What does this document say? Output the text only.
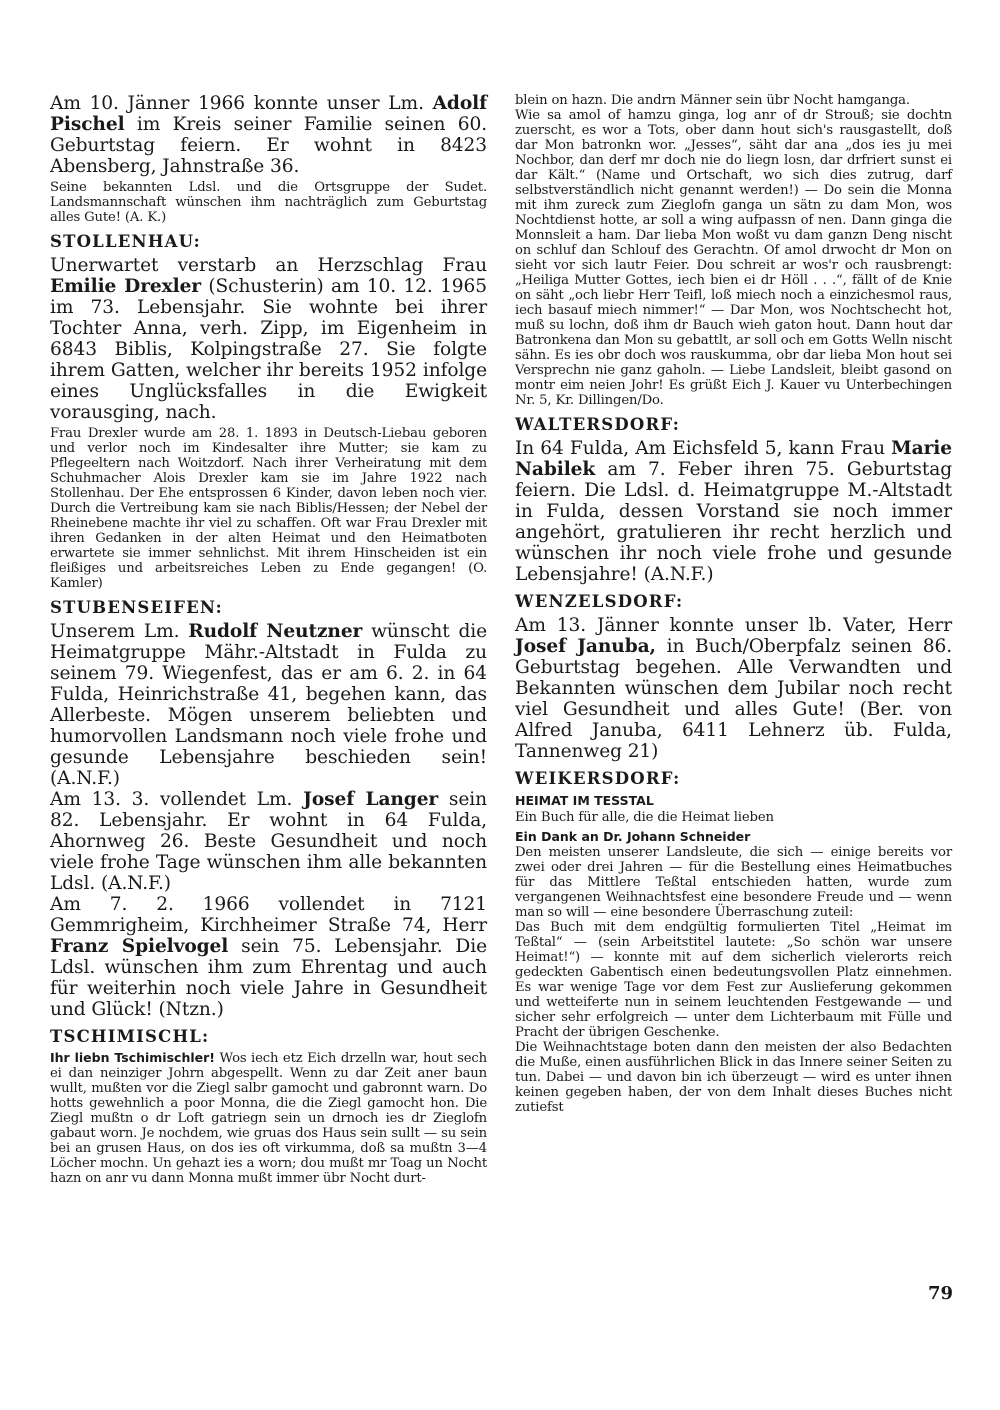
Am 10. Jänner 1966 konnte unser Lm. Adolf Pischel im Kreis seiner Familie seinen 60. Geburtstag feiern. Er wohnt in 8423 Abensberg, Jahnstraße 36.

Seine bekannten Ldsl. und die Ortsgruppe der Sudet. Landsmannschaft wünschen ihm nachträglich zum Geburtstag alles Gute! (A. K.)

STOLLENHAU:

Unerwartet verstarb an Herzschlag Frau Emilie Drexler (Schusterin) am 10. 12. 1965 im 73. Lebensjahr. Sie wohnte bei ihrer Tochter Anna, verh. Zipp, im Eigenheim in 6843 Biblis, Kolpingstraße 27. Sie folgte ihrem Gatten, welcher ihr bereits 1952 infolge eines Unglücksfalles in die Ewigkeit vorausging, nach.

Frau Drexler wurde am 28. 1. 1893 in Deutsch-Liebau geboren und verlor noch im Kindesalter ihre Mutter; sie kam zu Pflegeeltern nach Woitzdorf. Nach ihrer Verheiratung mit dem Schuhmacher Alois Drexler kam sie im Jahre 1922 nach Stollenhau. Der Ehe entsprossen 6 Kinder, davon leben noch vier. Durch die Vertreibung kam sie nach Biblis/Hessen; der Nebel der Rheinebene machte ihr viel zu schaffen. Oft war Frau Drexler mit ihren Gedanken in der alten Heimat und den Heimatboten erwartete sie immer sehnlichst. Mit ihrem Hinscheiden ist ein fleißiges und arbeitsreiches Leben zu Ende gegangen! (O. Kamler)

STUBENSEIFEN:

Unserem Lm. Rudolf Neutzner wünscht die Heimatgruppe Mähr.-Altstadt in Fulda zu seinem 79. Wiegenfest, das er am 6. 2. in 64 Fulda, Heinrichstraße 41, begehen kann, das Allerbeste. Mögen unserem beliebten und humorvollen Landsmann noch viele frohe und gesunde Lebensjahre beschieden sein! (A.N.F.)

Am 13. 3. vollendet Lm. Josef Langer sein 82. Lebensjahr. Er wohnt in 64 Fulda, Ahornweg 26. Beste Gesundheit und noch viele frohe Tage wünschen ihm alle bekannten Ldsl. (A.N.F.)

Am 7. 2. 1966 vollendet in 7121 Gemmrigheim, Kirchheimer Straße 74, Herr Franz Spielvogel sein 75. Lebensjahr. Die Ldsl. wünschen ihm zum Ehrentag und auch für weiterhin noch viele Jahre in Gesundheit und Glück! (Ntzn.)

TSCHIMISCHL:

Ihr liebn Tschimischler! Wos iech etz Eich drzelln war, hout sech ei dan neinziger Johrn abgespellt. Wenn zu dar Zeit aner baun wullt, mußten vor die Ziegl salbr gamocht und gabronnt warn. Do hotts gewehnlich a poor Monna, die die Ziegl gamocht hon. Die Ziegl mußtn o dr Loft gatriegn sein un drnoch ies dr Zieglofn gabaut worn. Je nochdem, wie gruas dos Haus sein sullt — su sein bei an grusen Haus, on dos ies oft virkumma, doß sa mußtn 3—4 Löcher mochn. Un gehazt ies a worn; dou mußt mr Toag un Nocht hazn on anr vu dann Monna mußt immer übr Nocht durt-

blein on hazn. Die andrn Männer sein übr Nocht hamganga.

Wie sa amol of hamzu ginga, log anr of dr Strouß; sie dochtn zuerscht, es wor a Tots, ober dann hout sich's rausgastellt, doß dar Mon batronkn wor. „Jesses“, säht dar ana „dos ies ju mei Nochbor, dan derf mr doch nie do liegn losn, dar drfriert sunst ei dar Kält.“ (Name und Ortschaft, wo sich dies zutrug, darf selbstverständlich nicht genannt werden!) — Do sein die Monna mit ihm zureck zum Zieglofn ganga un sätn zu dam Mon, wos Nochtdienst hotte, ar soll a wing aufpassn of nen. Dann ginga die Monnsleit a ham. Dar lieba Mon woßt vu dam ganzn Deng nischt on schluf dan Schlouf des Gerachtn. Of amol drwocht dr Mon on sieht vor sich lautr Feier. Dou schreit ar wos'r och rausbrengt: „Heiliga Mutter Gottes, iech bien ei dr Höll . . .“, fällt of de Knie on säht „och liebr Herr Teifl, loß miech noch a einzichesmol raus, iech basauf miech nimmer!“ — Dar Mon, wos Nochtschecht hot, muß su lochn, doß ihm dr Bauch wieh gaton hout. Dann hout dar Batronkena dan Mon su gebattlt, ar soll och em Gotts Welln nischt sähn. Es ies obr doch wos rauskumma, obr dar lieba Mon hout sei Versprechn nie ganz gaholn. — Liebe Landsleit, bleibt gasond on montr eim neien Johr! Es grüßt Eich J. Kauer vu Unterbechingen Nr. 5, Kr. Dillingen/Do.

WALTERSDORF:

In 64 Fulda, Am Eichsfeld 5, kann Frau Marie Nabilek am 7. Feber ihren 75. Geburtstag feiern. Die Ldsl. d. Heimatgruppe M.-Altstadt in Fulda, dessen Vorstand sie noch immer angehört, gratulieren ihr recht herzlich und wünschen ihr noch viele frohe und gesunde Lebensjahre! (A.N.F.)

WENZELSDORF:

Am 13. Jänner konnte unser lb. Vater, Herr Josef Januba, in Buch/Oberpfalz seinen 86. Geburtstag begehen. Alle Verwandten und Bekannten wünschen dem Jubilar noch recht viel Gesundheit und alles Gute! (Ber. von Alfred Januba, 6411 Lehnerz üb. Fulda, Tannenweg 21)

WEIKERSDORF:

HEIMAT IM TESSTAL

Ein Buch für alle, die die Heimat lieben

Ein Dank an Dr. Johann Schneider

Den meisten unserer Landsleute, die sich — einige bereits vor zwei oder drei Jahren — für die Bestellung eines Heimatbuches für das Mittlere Teßtal entschieden hatten, wurde zum vergangenen Weihnachtsfest eine besondere Freude und — wenn man so will — eine besondere Überraschung zuteil:

Das Buch mit dem endgültig formulierten Titel „Heimat im Teßtal“ — (sein Arbeitstitel lautete: „So schön war unsere Heimat!“) — konnte mit auf dem sicherlich vielerorts reich gedeckten Gabentisch einen bedeutungsvollen Platz einnehmen. Es war wenige Tage vor dem Fest zur Auslieferung gekommen und wetteiferte nun in seinem leuchtenden Festgewande — und sicher sehr erfolgreich — unter dem Lichterbaum mit Fülle und Pracht der übrigen Geschenke.

Die Weihnachtstage boten dann den meisten der also Bedachten die Muße, einen ausführlichen Blick in das Innere seiner Seiten zu tun. Dabei — und davon bin ich überzeugt — wird es unter ihnen keinen gegeben haben, der von dem Inhalt dieses Buches nicht zutiefst

79
